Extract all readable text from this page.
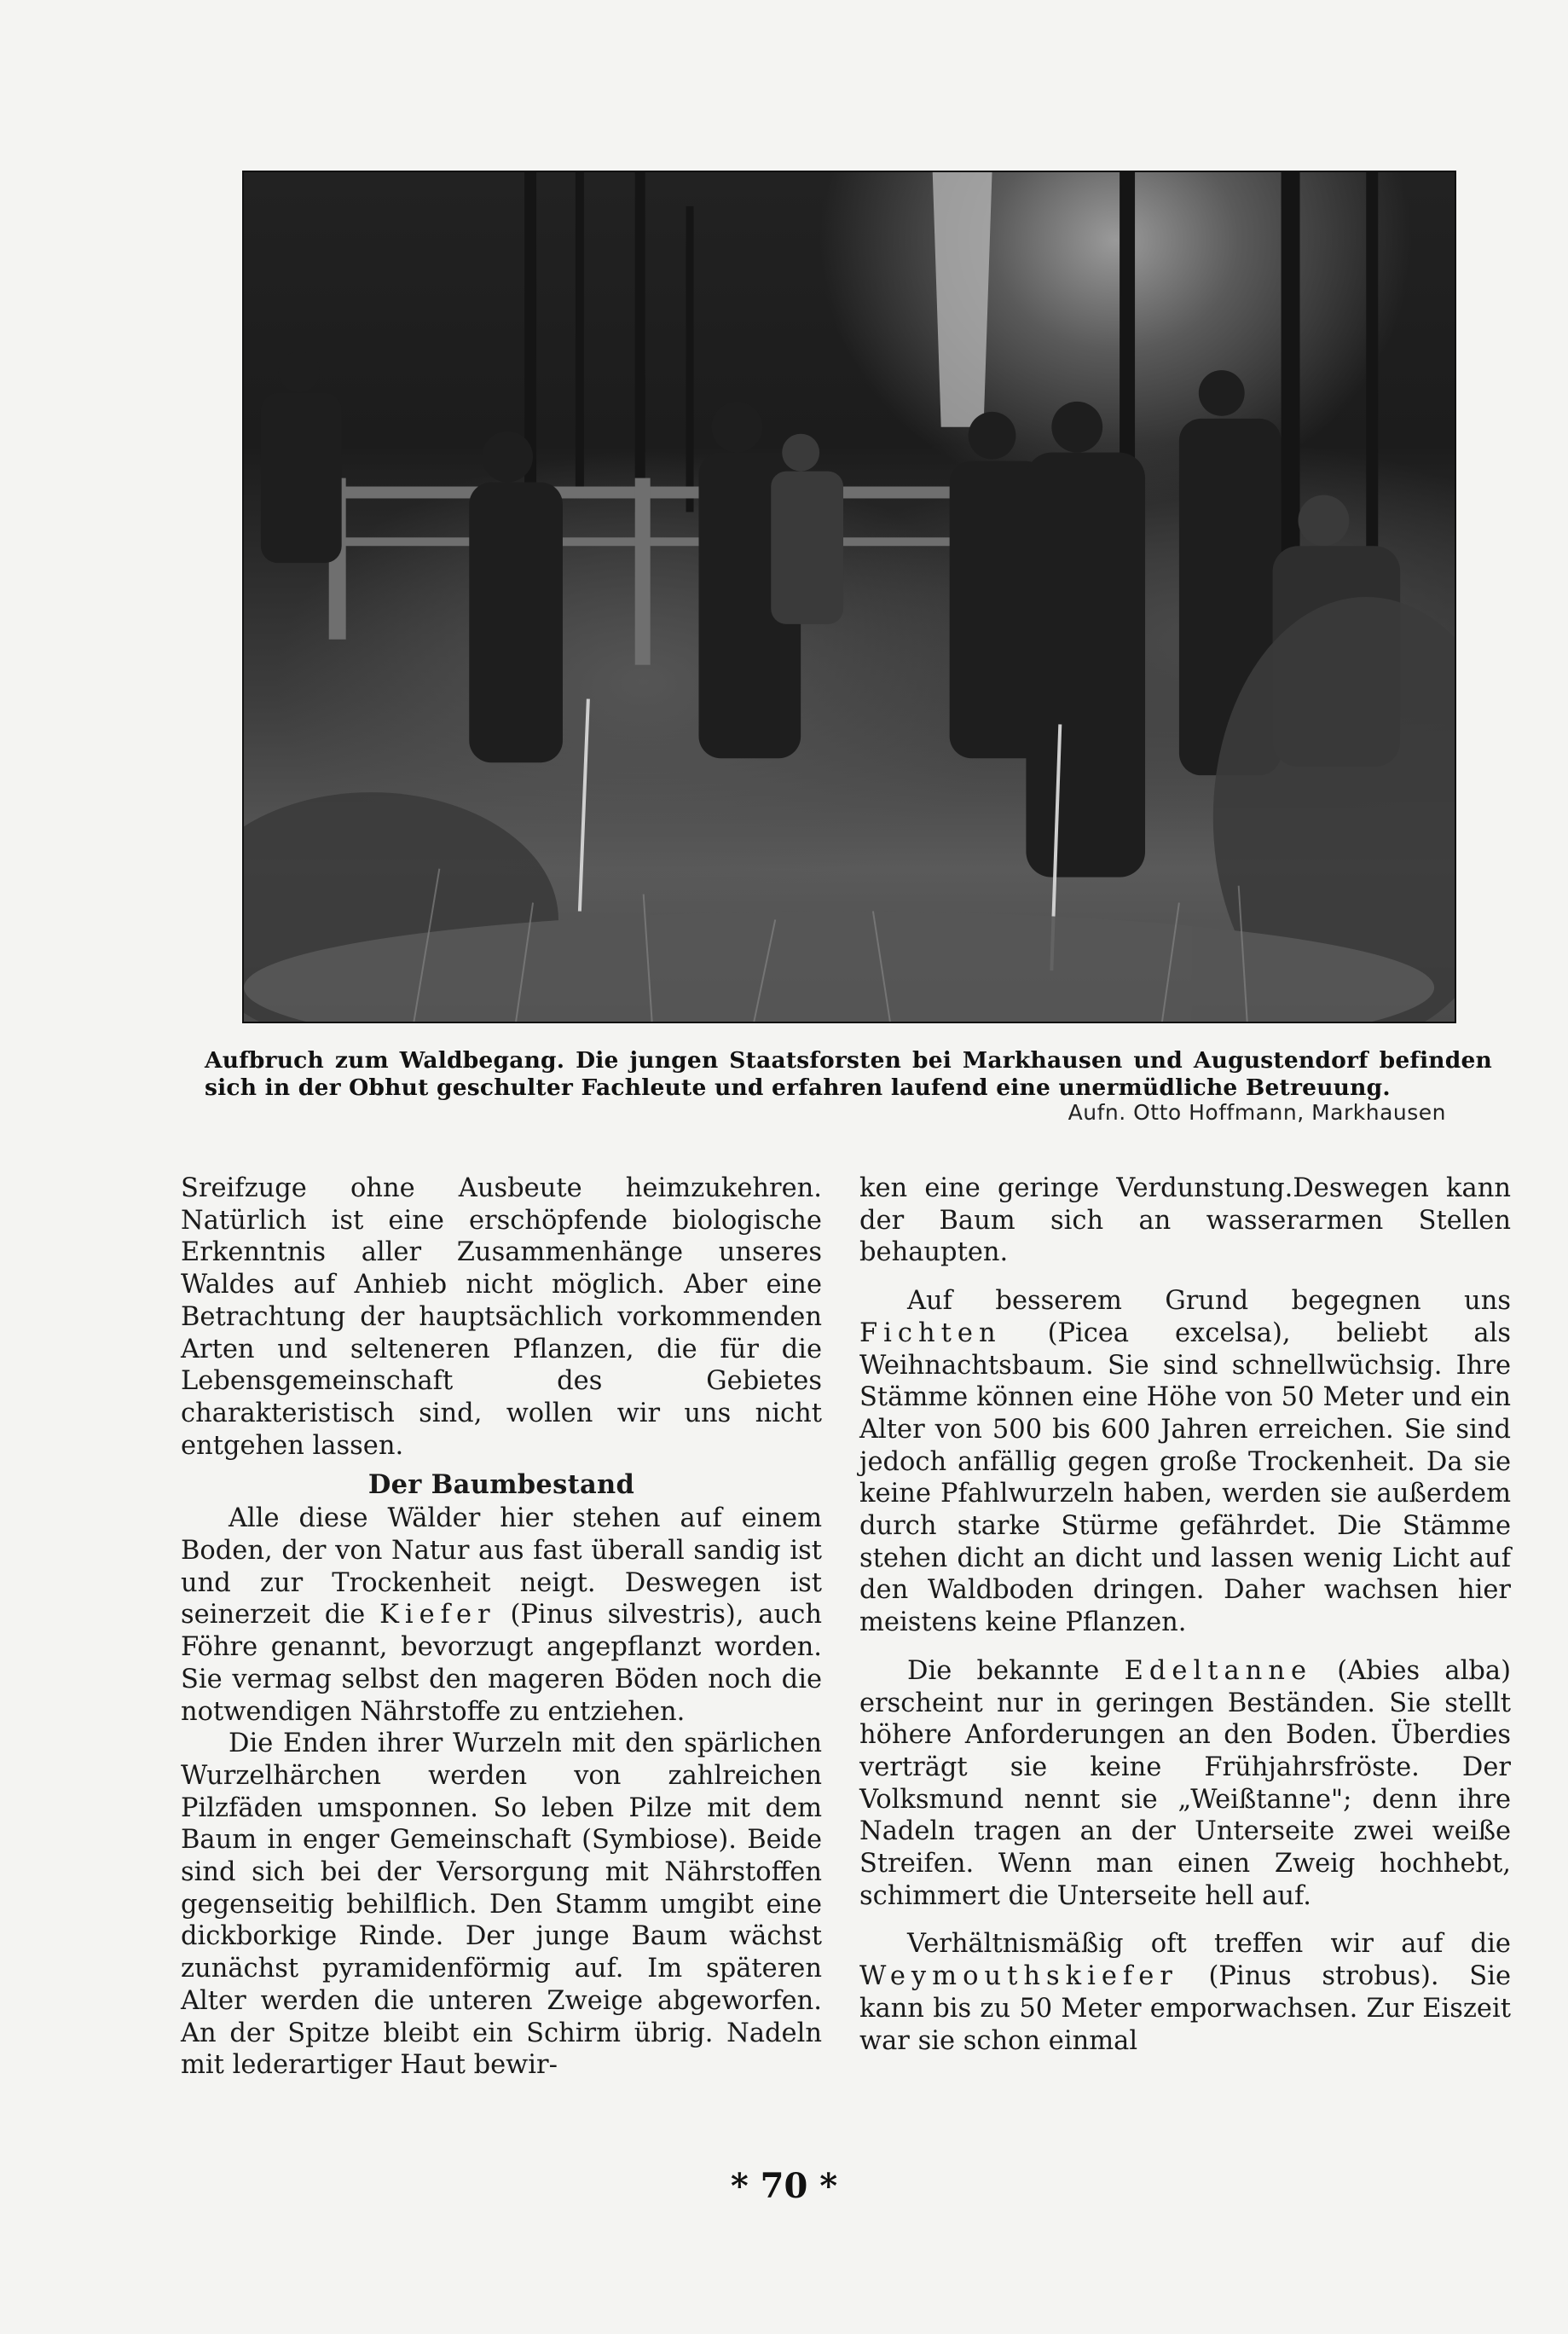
Aufbruch zum Waldbegang. Die jungen Staatsforsten bei Markhausen und Augustendorf befinden sich in der Obhut geschulter Fachleute und erfahren laufend eine unermüdliche Betreuung.
Aufn. Otto Hoffmann, Markhausen

Sreifzuge ohne Ausbeute heimzukehren. Natürlich ist eine erschöpfende biologische Erkenntnis aller Zusammenhänge unseres Waldes auf Anhieb nicht möglich. Aber eine Betrachtung der hauptsächlich vorkommenden Arten und selteneren Pflanzen, die für die Lebensgemeinschaft des Gebietes charakteristisch sind, wollen wir uns nicht entgehen lassen.

Der Baumbestand

Alle diese Wälder hier stehen auf einem Boden, der von Natur aus fast überall sandig ist und zur Trockenheit neigt. Deswegen ist seinerzeit die Kiefer (Pinus silvestris), auch Föhre genannt, bevorzugt angepflanzt worden. Sie vermag selbst den mageren Böden noch die notwendigen Nährstoffe zu entziehen.

Die Enden ihrer Wurzeln mit den spärlichen Wurzelhärchen werden von zahlreichen Pilzfäden umsponnen. So leben Pilze mit dem Baum in enger Gemeinschaft (Symbiose). Beide sind sich bei der Versorgung mit Nährstoffen gegenseitig behilflich. Den Stamm umgibt eine dickborkige Rinde. Der junge Baum wächst zunächst pyramidenförmig auf. Im späteren Alter werden die unteren Zweige abgeworfen. An der Spitze bleibt ein Schirm übrig. Nadeln mit lederartiger Haut bewir-

ken eine geringe Verdunstung.Deswegen kann der Baum sich an wasserarmen Stellen behaupten.

Auf besserem Grund begegnen uns Fichten (Picea excelsa), beliebt als Weihnachtsbaum. Sie sind schnellwüchsig. Ihre Stämme können eine Höhe von 50 Meter und ein Alter von 500 bis 600 Jahren erreichen. Sie sind jedoch anfällig gegen große Trockenheit. Da sie keine Pfahlwurzeln haben, werden sie außerdem durch starke Stürme gefährdet. Die Stämme stehen dicht an dicht und lassen wenig Licht auf den Waldboden dringen. Daher wachsen hier meistens keine Pflanzen.

Die bekannte Edeltanne (Abies alba) erscheint nur in geringen Beständen. Sie stellt höhere Anforderungen an den Boden. Überdies verträgt sie keine Frühjahrsfröste. Der Volksmund nennt sie „Weißtanne"; denn ihre Nadeln tragen an der Unterseite zwei weiße Streifen. Wenn man einen Zweig hochhebt, schimmert die Unterseite hell auf.

Verhältnismäßig oft treffen wir auf die Weymouthskiefer (Pinus strobus). Sie kann bis zu 50 Meter emporwachsen. Zur Eiszeit war sie schon einmal

* 70 *
